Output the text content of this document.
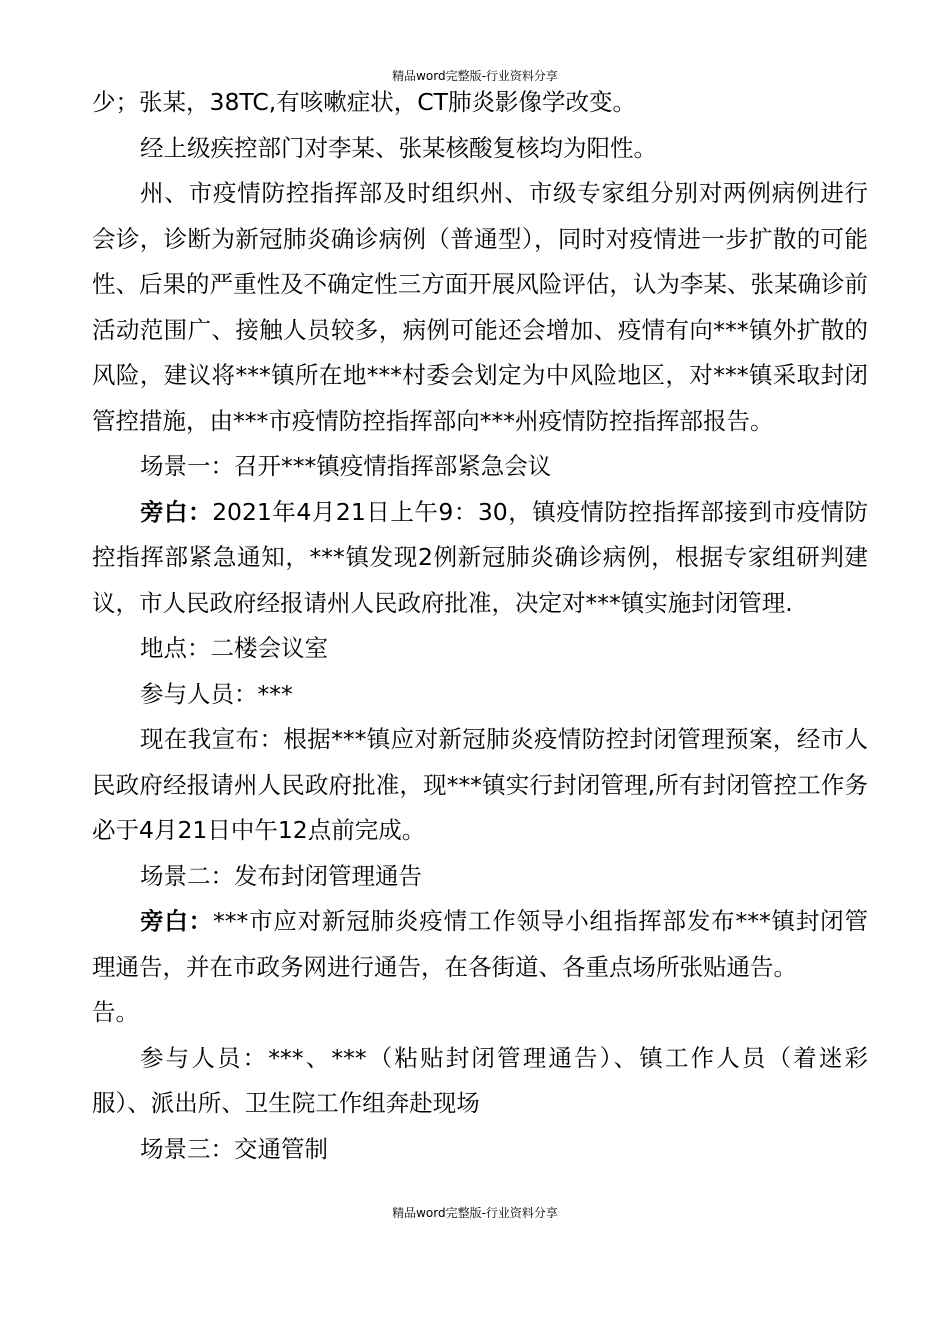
精品word完整版-行业资料分享

少；张某，38TC,有咳嗽症状，CT肺炎影像学改变。

经上级疾控部门对李某、张某核酸复核均为阳性。

州、市疫情防控指挥部及时组织州、市级专家组分别对两例病例进行会诊，诊断为新冠肺炎确诊病例（普通型），同时对疫情进一步扩散的可能性、后果的严重性及不确定性三方面开展风险评估，认为李某、张某确诊前活动范围广、接触人员较多，病例可能还会增加、疫情有向***镇外扩散的风险，建议将***镇所在地***村委会划定为中风险地区，对***镇采取封闭管控措施，由***市疫情防控指挥部向***州疫情防控指挥部报告。

场景一：召开***镇疫情指挥部紧急会议

旁白：2021年4月21日上午9：30，镇疫情防控指挥部接到市疫情防控指挥部紧急通知，***镇发现2例新冠肺炎确诊病例，根据专家组研判建议，市人民政府经报请州人民政府批准，决定对***镇实施封闭管理.

地点：二楼会议室

参与人员：***

现在我宣布：根据***镇应对新冠肺炎疫情防控封闭管理预案，经市人民政府经报请州人民政府批准，现***镇实行封闭管理,所有封闭管控工作务必于4月21日中午12点前完成。

场景二：发布封闭管理通告

旁白：***市应对新冠肺炎疫情工作领导小组指挥部发布***镇封闭管理通告，并在市政务网进行通告，在各街道、各重点场所张贴通告。

告。

参与人员：***、***（粘贴封闭管理通告）、镇工作人员（着迷彩服）、派出所、卫生院工作组奔赴现场

场景三：交通管制

精品word完整版-行业资料分享
